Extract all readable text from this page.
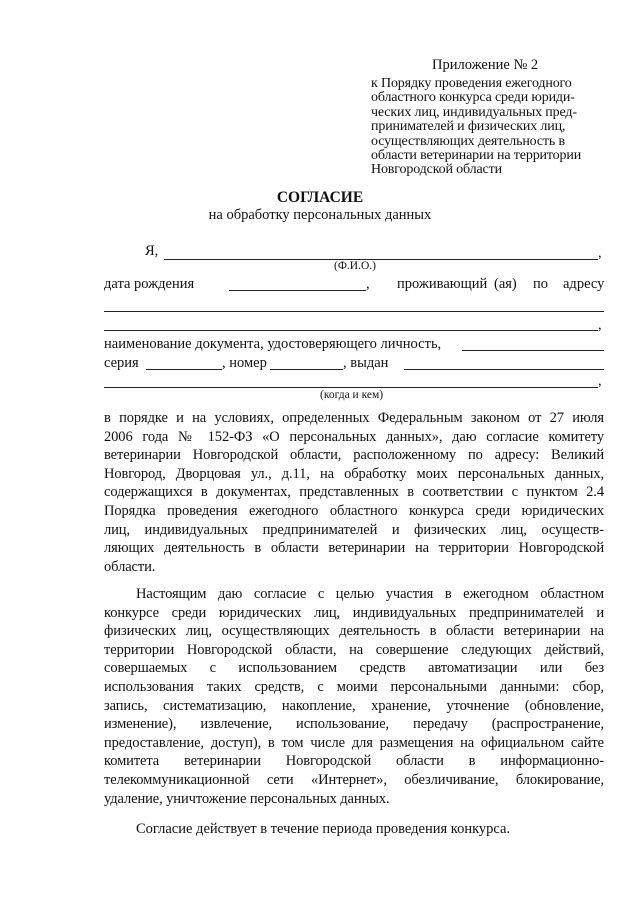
Приложение № 2
к Порядку проведения ежегодного
областного конкурса среди юриди-
ческих лиц, индивидуальных пред-
принимателей и физических лиц,
осуществляющих деятельность в
области ветеринарии на территории
Новгородской области
СОГЛАСИЕ
на обработку персональных данных
Я,	,
(Ф.И.О.)
дата рождения	, проживающий (ая) по адресу
,
наименование документа, удостоверяющего личность,
серия	, номер	, выдан
,
(когда и кем)
в порядке и на условиях, определенных Федеральным законом от 27 июля
2006 года № 152-ФЗ «О персональных данных», даю согласие комитету
ветеринарии Новгородской области, расположенному по адресу: Великий
Новгород, Дворцовая ул., д.11, на обработку моих персональных данных,
содержащихся в документах, представленных в соответствии с пунктом 2.4
Порядка проведения ежегодного областного конкурса среди юридических
лиц, индивидуальных предпринимателей и физических лиц, осуществ-
ляющих деятельность в области ветеринарии на территории Новгородской
области.
Настоящим даю согласие с целью участия в ежегодном областном
конкурсе среди юридических лиц, индивидуальных предпринимателей и
физических лиц, осуществляющих деятельность в области ветеринарии на
территории Новгородской области, на совершение следующих действий,
совершаемых с использованием средств автоматизации или без
использования таких средств, с моими персональными данными: сбор,
запись, систематизацию, накопление, хранение, уточнение (обновление,
изменение), извлечение, использование, передачу (распространение,
предоставление, доступ), в том числе для размещения на официальном сайте
комитета ветеринарии Новгородской области в информационно-
телекоммуникационной сети «Интернет», обезличивание, блокирование,
удаление, уничтожение персональных данных.
Согласие действует в течение периода проведения конкурса.
